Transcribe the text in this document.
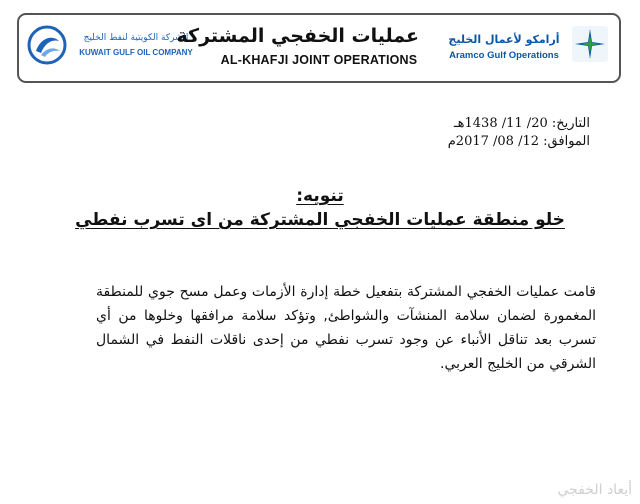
الشركة الكويتية لنفط الخليج
KUWAIT GULF OIL COMPANY
عمليات الخفجي المشتركة
AL-KHAFJI JOINT OPERATIONS
أرامكو لأعمال الخليج
Aramco Gulf Operations
التاريخ: 20/ 11/ 1438هـ
الموافق: 12/ 08/ 2017م
تنويه:
خلو منطقة عمليات الخفجي المشتركة من اى تسرب نفطي
قامت عمليات الخفجي المشتركة بتفعيل خطة إدارة الأزمات وعمل مسح جوي للمنطقة المغمورة لضمان سلامة المنشآت والشواطئ, وتؤكد سلامة مرافقها وخلوها من أي تسرب بعد تناقل الأنباء عن وجود تسرب نفطي من إحدى ناقلات النفط في الشمال الشرقي من الخليج العربي.
أيعاد الخفجي
